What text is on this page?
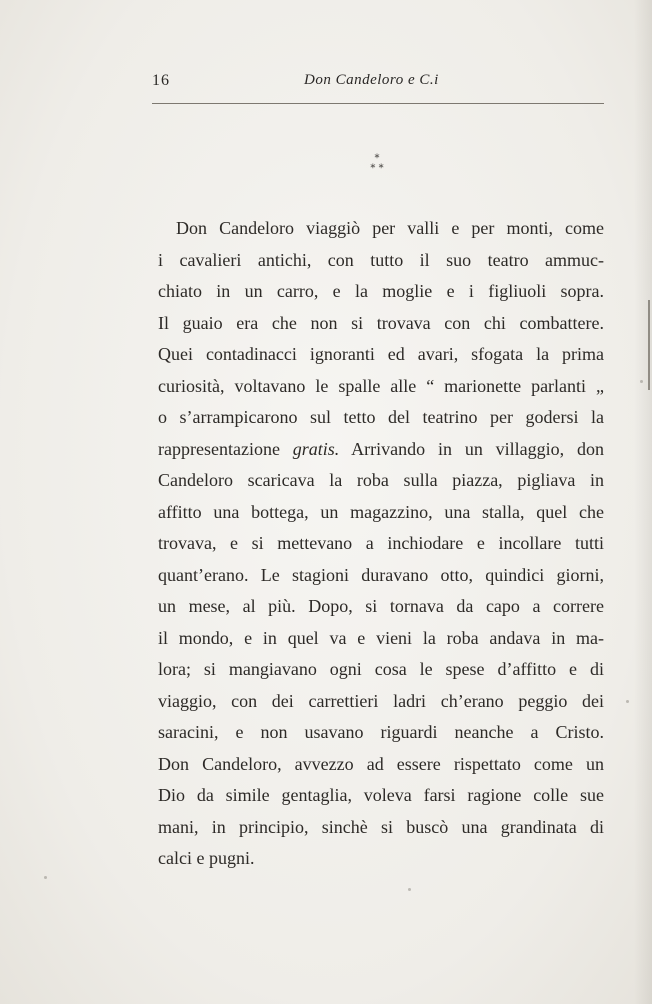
16	Don Candeloro e C.i
*
* *
Don Candeloro viaggiò per valli e per monti, come
i cavalieri antichi, con tutto il suo teatro ammuc-
chiato in un carro, e la moglie e i figliuoli sopra.
Il guaio era che non si trovava con chi combattere.
Quei contadinacci ignoranti ed avari, sfogata la prima
curiosità, voltavano le spalle alle “ marionette parlanti „
o s’arrampicarono sul tetto del teatrino per godersi la
rappresentazione gratis. Arrivando in un villaggio, don
Candeloro scaricava la roba sulla piazza, pigliava in
affitto una bottega, un magazzino, una stalla, quel che
trovava, e si mettevano a inchiodare e incollare tutti
quant’erano. Le stagioni duravano otto, quindici giorni,
un mese, al più. Dopo, si tornava da capo a correre
il mondo, e in quel va e vieni la roba andava in ma-
lora; si mangiavano ogni cosa le spese d’affitto e di
viaggio, con dei carrettieri ladri ch’erano peggio dei
saracini, e non usavano riguardi neanche a Cristo.
Don Candeloro, avvezzo ad essere rispettato come un
Dio da simile gentaglia, voleva farsi ragione colle sue
mani, in principio, sinchè si buscò una grandinata di
calci e pugni.
